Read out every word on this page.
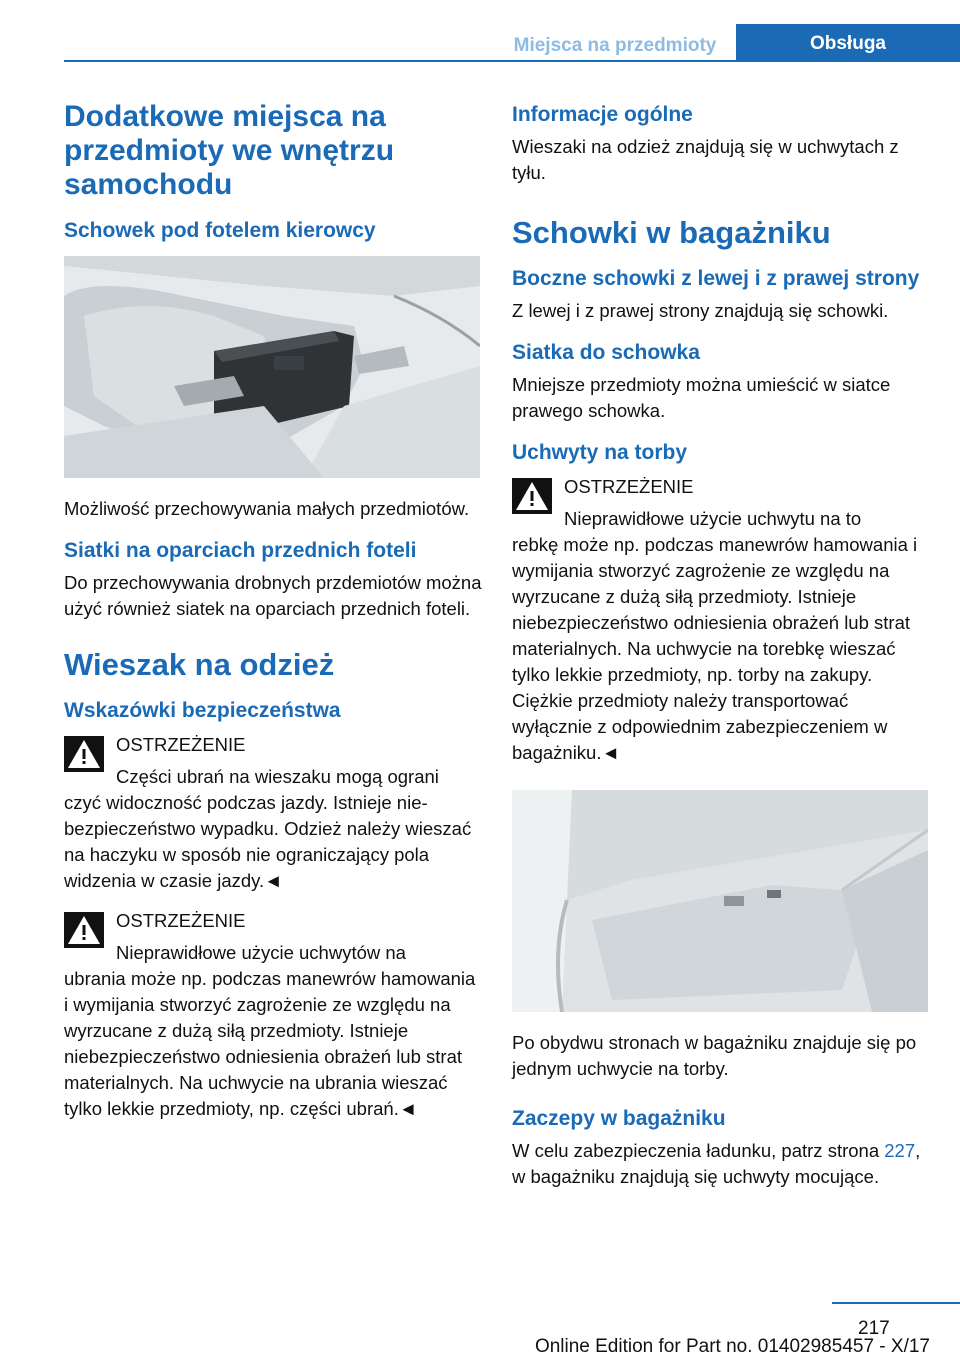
Miejsca na przedmioty	Obsługa
Dodatkowe miejsca na przedmioty we wnętrzu samochodu
Schowek pod fotelem kierowcy

Możliwość przechowywania małych przedmiotów.

Siatki na oparciach przednich foteli

Do przechowywania drobnych przdemiotów można użyć również siatek na oparciach przednich foteli.

Wieszak na odzież
Wskazówki bezpieczeństwa
OSTRZEŻENIE
Części ubrań na wieszaku mogą ograni
czyć widoczność podczas jazdy. Istnieje niebezpieczeństwo wypadku. Odzież należy wieszać na haczyku w sposób nie ograniczający pola widzenia w czasie jazdy.◄
OSTRZEŻENIE
Nieprawidłowe użycie uchwytów na
ubrania może np. podczas manewrów hamowania i wymijania stworzyć zagrożenie ze względu na wyrzucane z dużą siłą przedmioty. Istnieje niebezpieczeństwo odniesienia obrażeń lub strat materialnych. Na uchwycie na ubrania wieszać tylko lekkie przedmioty, np. części ubrań.◄
Informacje ogólne

Wieszaki na odzież znajdują się w uchwytach z tyłu.

Schowki w bagażniku
Boczne schowki z lewej i z prawej strony

Z lewej i z prawej strony znajdują się schowki.

Siatka do schowka

Mniejsze przedmioty można umieścić w siatce prawego schowka.

Uchwyty na torby
OSTRZEŻENIE
Nieprawidłowe użycie uchwytu na to
rebkę może np. podczas manewrów hamowania i wymijania stworzyć zagrożenie ze względu na wyrzucane z dużą siłą przedmioty. Istnieje niebezpieczeństwo odniesienia obrażeń lub strat materialnych. Na uchwycie na torebkę wieszać tylko lekkie przedmioty, np. torby na zakupy. Ciężkie przedmioty należy transportować wyłącznie z odpowiednim zabezpieczeniem w bagażniku.◄

Po obydwu stronach w bagażniku znajduje się po jednym uchwycie na torby.

Zaczepy w bagażniku

W celu zabezpieczenia ładunku, patrz strona 227, w bagażniku znajdują się uchwyty mocujące.

217
Online Edition for Part no. 01402985457 - X/17
